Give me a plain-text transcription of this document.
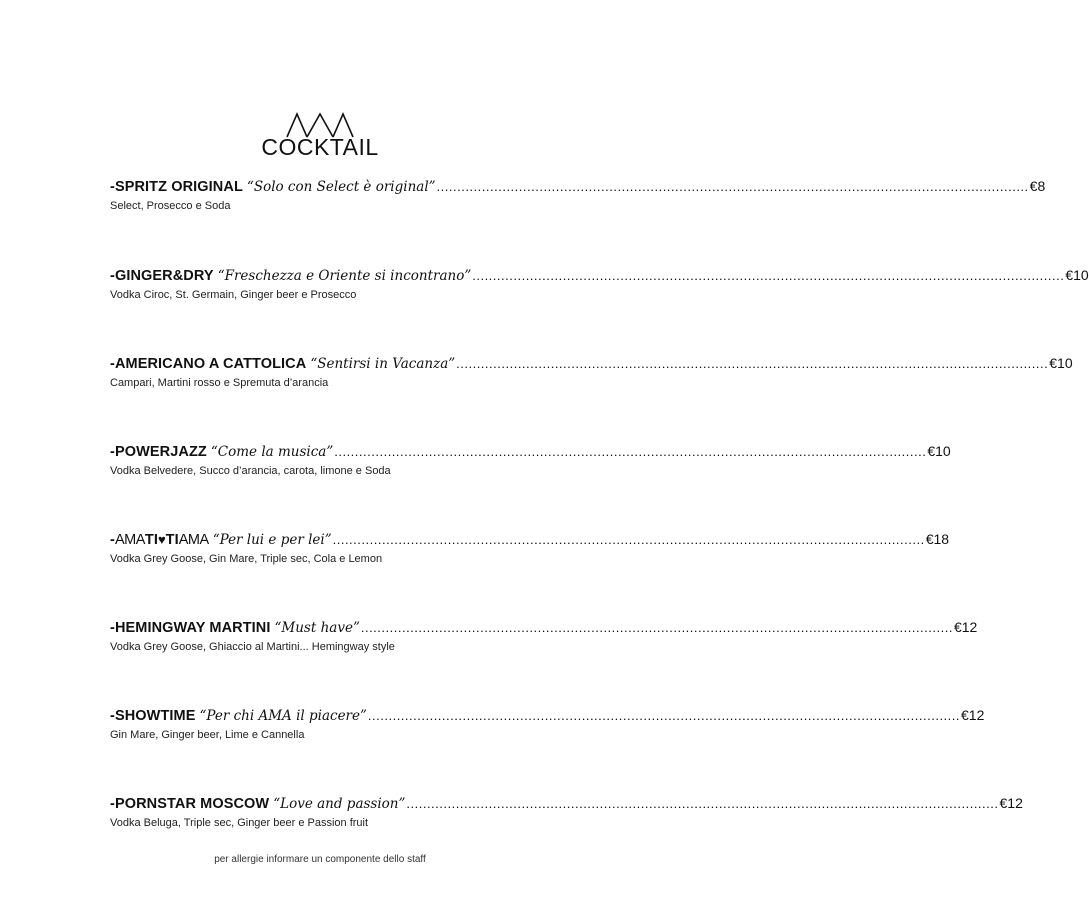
COCKTAIL
- SPRITZ ORIGINAL “Solo con Select è original” ................................................................................................................................................ €8
Select, Prosecco e Soda
- GINGER&DRY “Freschezza e Oriente si incontrano” ................................................................................................................................................ €10
Vodka Ciroc, St. Germain, Ginger beer e Prosecco
- AMERICANO A CATTOLICA “Sentirsi in Vacanza” ................................................................................................................................................ €10
Campari, Martini rosso e Spremuta d’arancia
- POWERJAZZ “Come la musica” ................................................................................................................................................ €10
Vodka Belvedere, Succo d’arancia, carota, limone e Soda
- AMA TI ♥ TI AMA “Per lui e per lei” ................................................................................................................................................ €18
Vodka Grey Goose, Gin Mare, Triple sec, Cola e Lemon
- HEMINGWAY MARTINI “Must have” ................................................................................................................................................ €12
Vodka Grey Goose, Ghiaccio al Martini... Hemingway style
- SHOWTIME “Per chi AMA il piacere” ................................................................................................................................................ €12
Gin Mare, Ginger beer, Lime e Cannella
- PORNSTAR MOSCOW “Love and passion” ................................................................................................................................................ €12
Vodka Beluga, Triple sec, Ginger beer e Passion fruit
per allergie informare un componente dello staff
